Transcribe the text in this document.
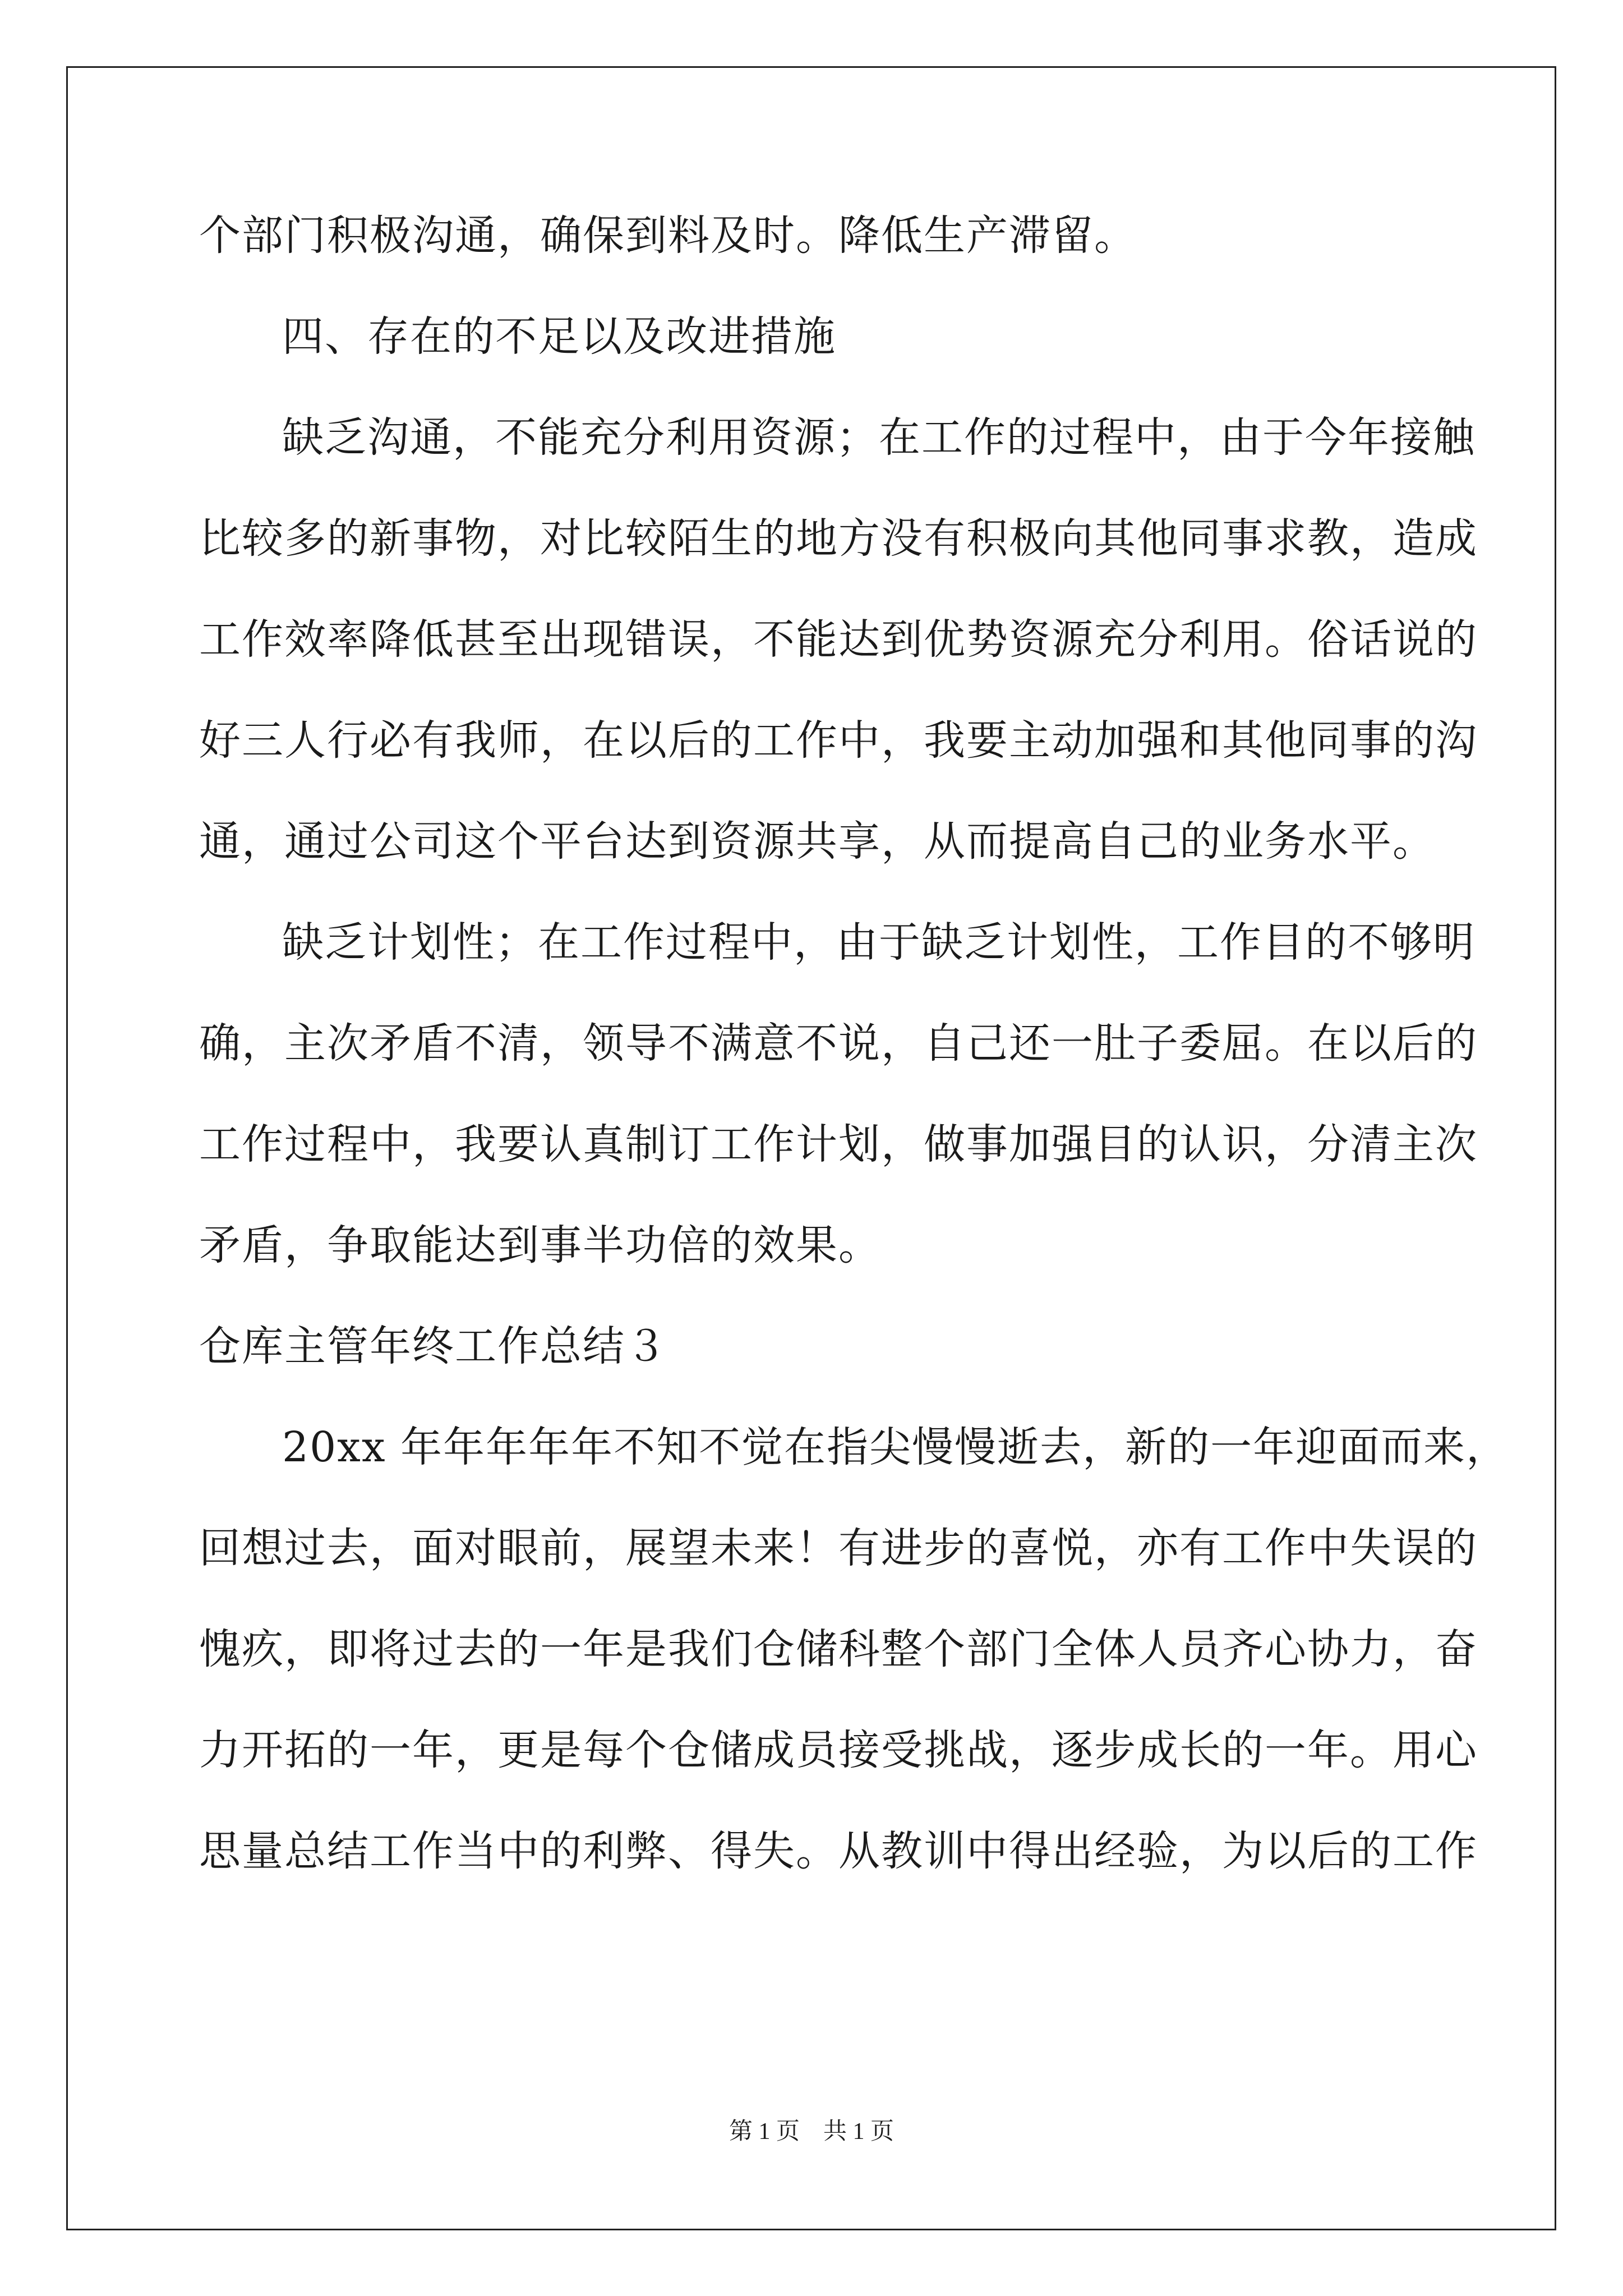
个部门积极沟通，确保到料及时。降低生产滞留。
四、存在的不足以及改进措施
缺乏沟通，不能充分利用资源；在工作的过程中，由于今年接触
比较多的新事物，对比较陌生的地方没有积极向其他同事求教，造成
工作效率降低甚至出现错误，不能达到优势资源充分利用。俗话说的
好三人行必有我师，在以后的工作中，我要主动加强和其他同事的沟
通，通过公司这个平台达到资源共享，从而提高自己的业务水平。
缺乏计划性；在工作过程中，由于缺乏计划性，工作目的不够明
确，主次矛盾不清，领导不满意不说，自己还一肚子委屈。在以后的
工作过程中，我要认真制订工作计划，做事加强目的认识，分清主次
矛盾，争取能达到事半功倍的效果。
仓库主管年终工作总结３
20xx 年年年年年不知不觉在指尖慢慢逝去，新的一年迎面而来，
回想过去，面对眼前，展望未来！有进步的喜悦，亦有工作中失误的
愧疚，即将过去的一年是我们仓储科整个部门全体人员齐心协力，奋
力开拓的一年，更是每个仓储成员接受挑战，逐步成长的一年。用心
思量总结工作当中的利弊、得失。从教训中得出经验，为以后的工作
第 1 页　共 1 页
